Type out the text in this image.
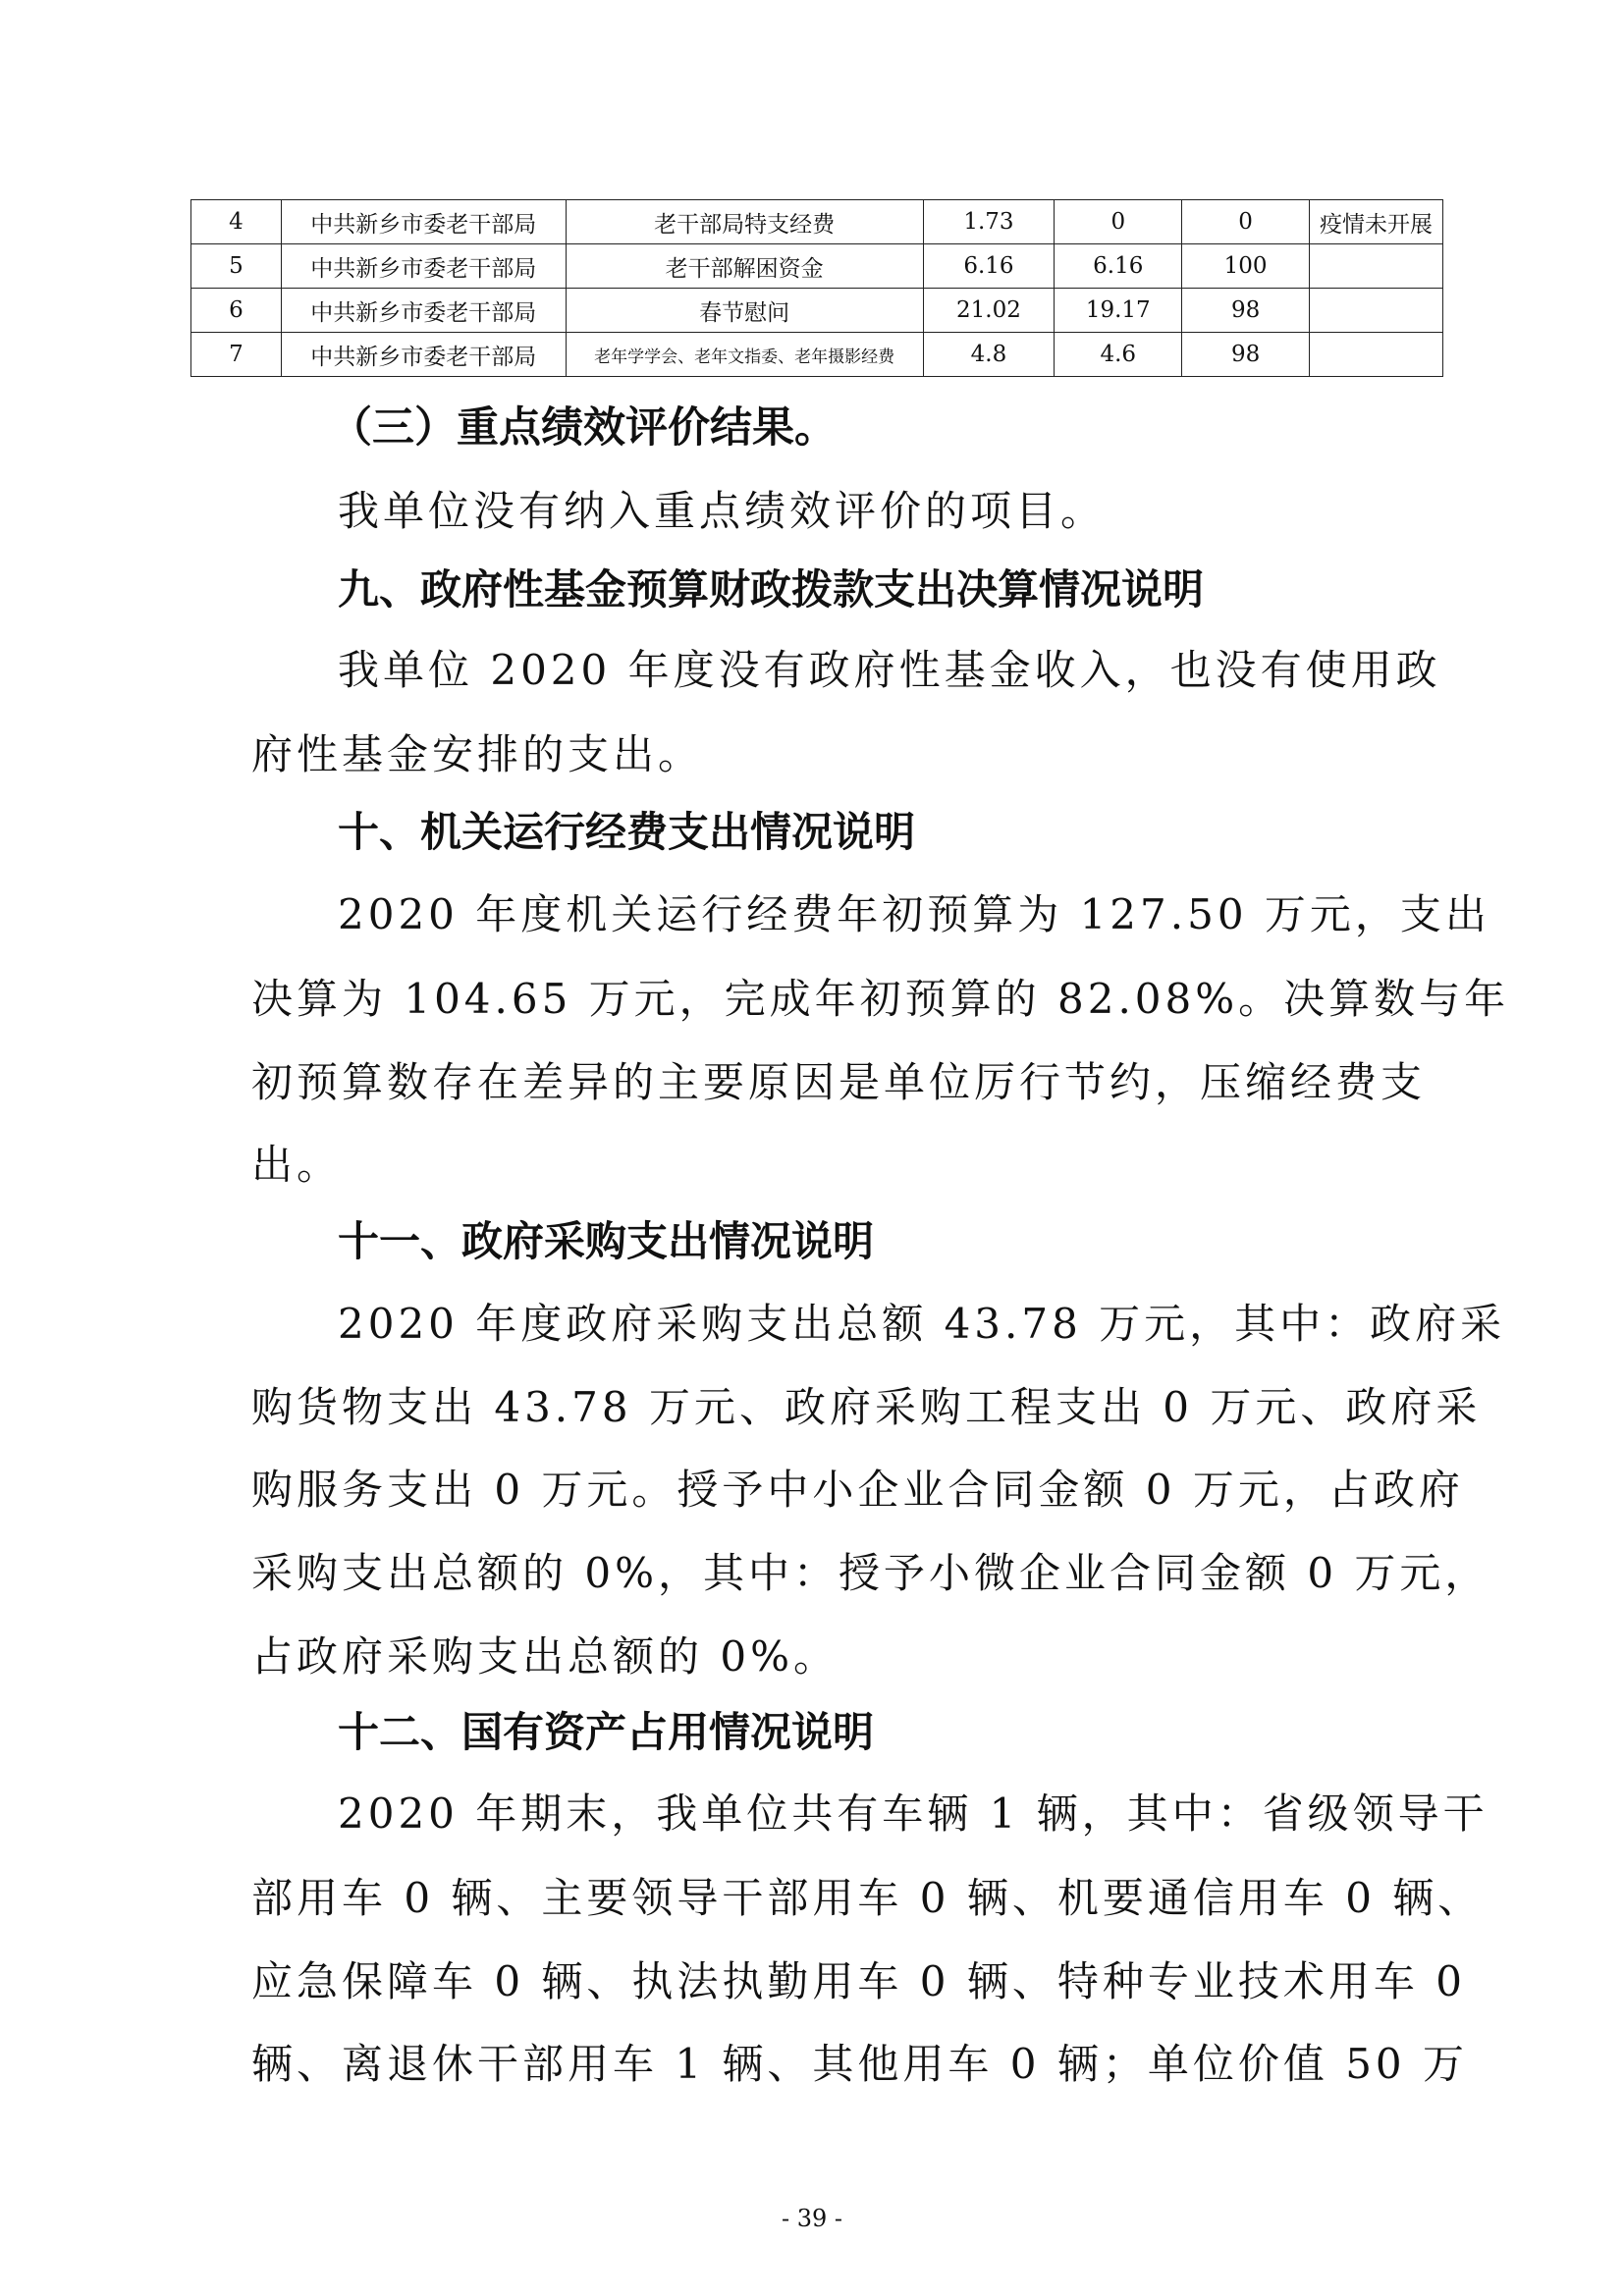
4	中共新乡市委老干部局	老干部局特支经费	1.73	0	0	疫情未开展
5	中共新乡市委老干部局	老干部解困资金	6.16	6.16	100	
6	中共新乡市委老干部局	春节慰问	21.02	19.17	98	
7	中共新乡市委老干部局	老年学学会、老年文指委、老年摄影经费	4.8	4.6	98	
（三）重点绩效评价结果。
我单位没有纳入重点绩效评价的项目。
九、政府性基金预算财政拨款支出决算情况说明
我单位 2020 年度没有政府性基金收入，也没有使用政
府性基金安排的支出。
十、机关运行经费支出情况说明
2020 年度机关运行经费年初预算为 127.50 万元，支出
决算为 104.65 万元，完成年初预算的 82.08%。决算数与年
初预算数存在差异的主要原因是单位厉行节约，压缩经费支
出。
十一、政府采购支出情况说明
2020 年度政府采购支出总额 43.78 万元，其中：政府采
购货物支出 43.78 万元、政府采购工程支出 0 万元、政府采
购服务支出 0 万元。授予中小企业合同金额 0 万元，占政府
采购支出总额的 0%，其中：授予小微企业合同金额 0 万元，
占政府采购支出总额的 0%。
十二、国有资产占用情况说明
2020 年期末，我单位共有车辆 1 辆，其中：省级领导干
部用车 0 辆、主要领导干部用车 0 辆、机要通信用车 0 辆、
应急保障车 0 辆、执法执勤用车 0 辆、特种专业技术用车 0
辆、离退休干部用车 1 辆、其他用车 0 辆；单位价值 50 万
- 39 -
